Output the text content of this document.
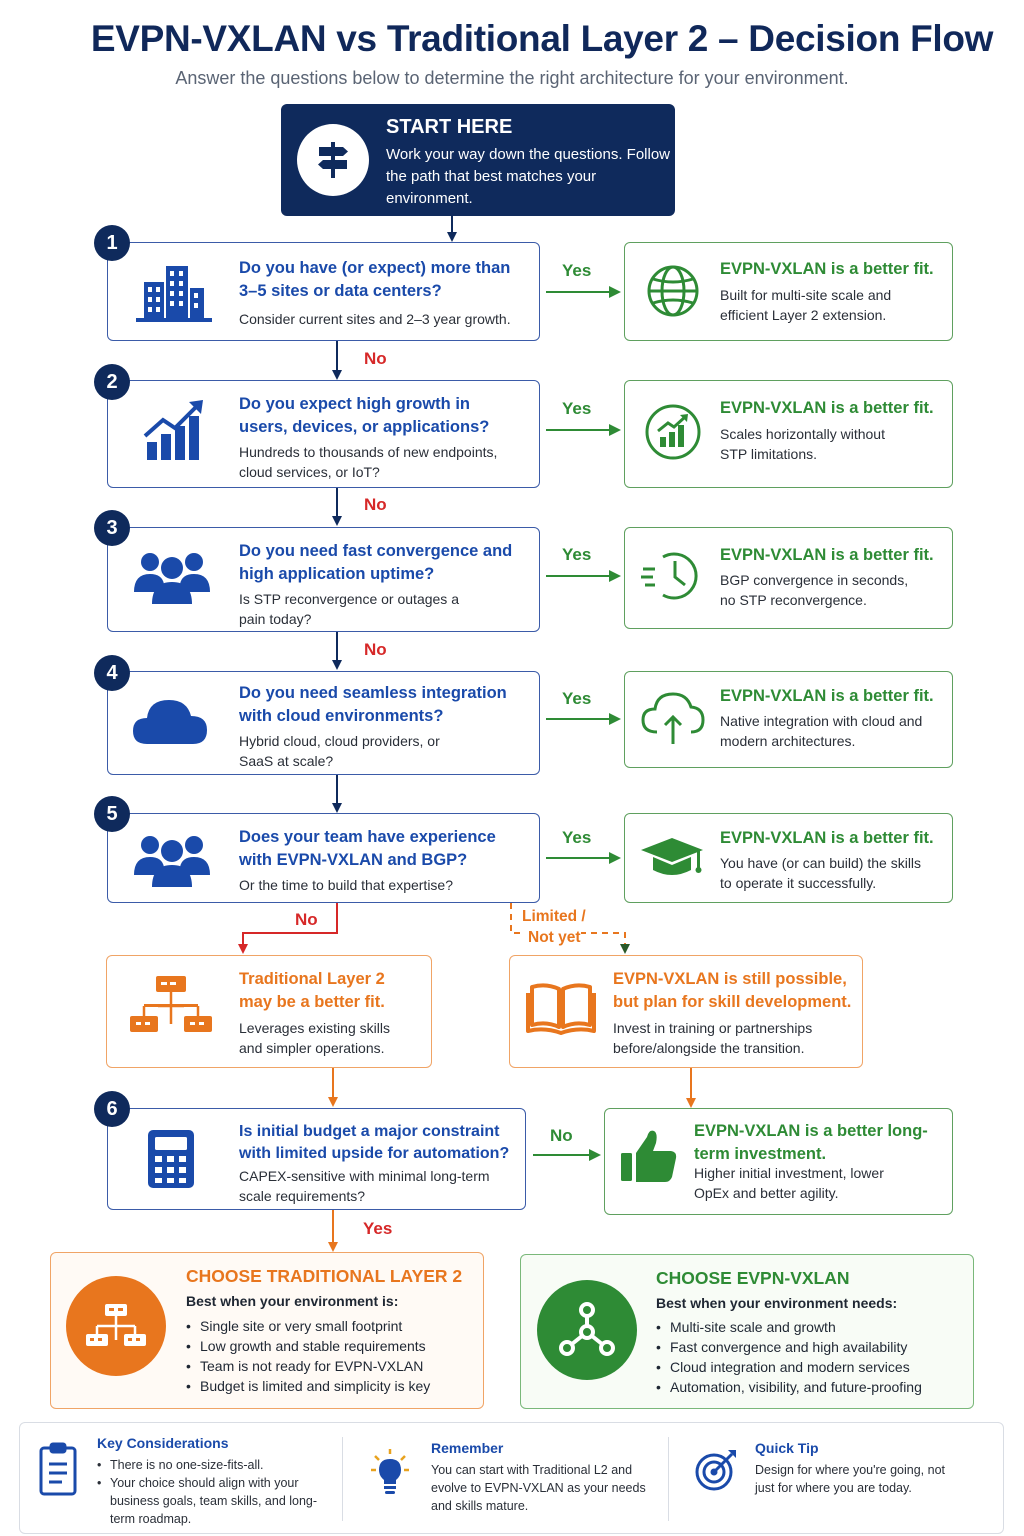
EVPN-VXLAN vs Traditional Layer 2 – Decision Flow
Answer the questions below to determine the right architecture for your environment.
START HERE
Work your way down the questions. Follow the path that best matches your environment.
1
Do you have (or expect) more than 3–5 sites or data centers?
Consider current sites and 2–3 year growth.
Yes
No
EVPN-VXLAN is a better fit.
Built for multi-site scale and efficient Layer 2 extension.
2
Do you expect high growth in users, devices, or applications?
Hundreds to thousands of new endpoints, cloud services, or IoT?
Yes
No
EVPN-VXLAN is a better fit.
Scales horizontally without STP limitations.
3
Do you need fast convergence and high application uptime?
Is STP reconvergence or outages a pain today?
Yes
No
EVPN-VXLAN is a better fit.
BGP convergence in seconds, no STP reconvergence.
4
Do you need seamless integration with cloud environments?
Hybrid cloud, cloud providers, or SaaS at scale?
Yes	EVPN-VXLAN is a better fit.
Native integration with cloud and modern architectures.
5
Does your team have experience with EVPN-VXLAN and BGP?
Or the time to build that expertise?
Yes
No	Limited /
Not yet
EVPN-VXLAN is a better fit.
You have (or can build) the skills to operate it successfully.
Traditional Layer 2 may be a better fit.
Leverages existing skills and simpler operations.
EVPN-VXLAN is still possible, but plan for skill development.
Invest in training or partnerships before/alongside the transition.
6
Is initial budget a major constraint with limited upside for automation?
CAPEX-sensitive with minimal long-term scale requirements?
No
Yes
EVPN-VXLAN is a better long-term investment.
Higher initial investment, lower OpEx and better agility.
CHOOSE TRADITIONAL LAYER 2
Best when your environment is:
• Single site or very small footprint
• Low growth and stable requirements
• Team is not ready for EVPN-VXLAN
• Budget is limited and simplicity is key
CHOOSE EVPN-VXLAN
Best when your environment needs:
• Multi-site scale and growth
• Fast convergence and high availability
• Cloud integration and modern services
• Automation, visibility, and future-proofing
Key Considerations
• There is no one-size-fits-all.
• Your choice should align with your business goals, team skills, and long-term roadmap.
Remember
You can start with Traditional L2 and evolve to EVPN-VXLAN as your needs and skills mature.
Quick Tip
Design for where you're going, not just for where you are today.
